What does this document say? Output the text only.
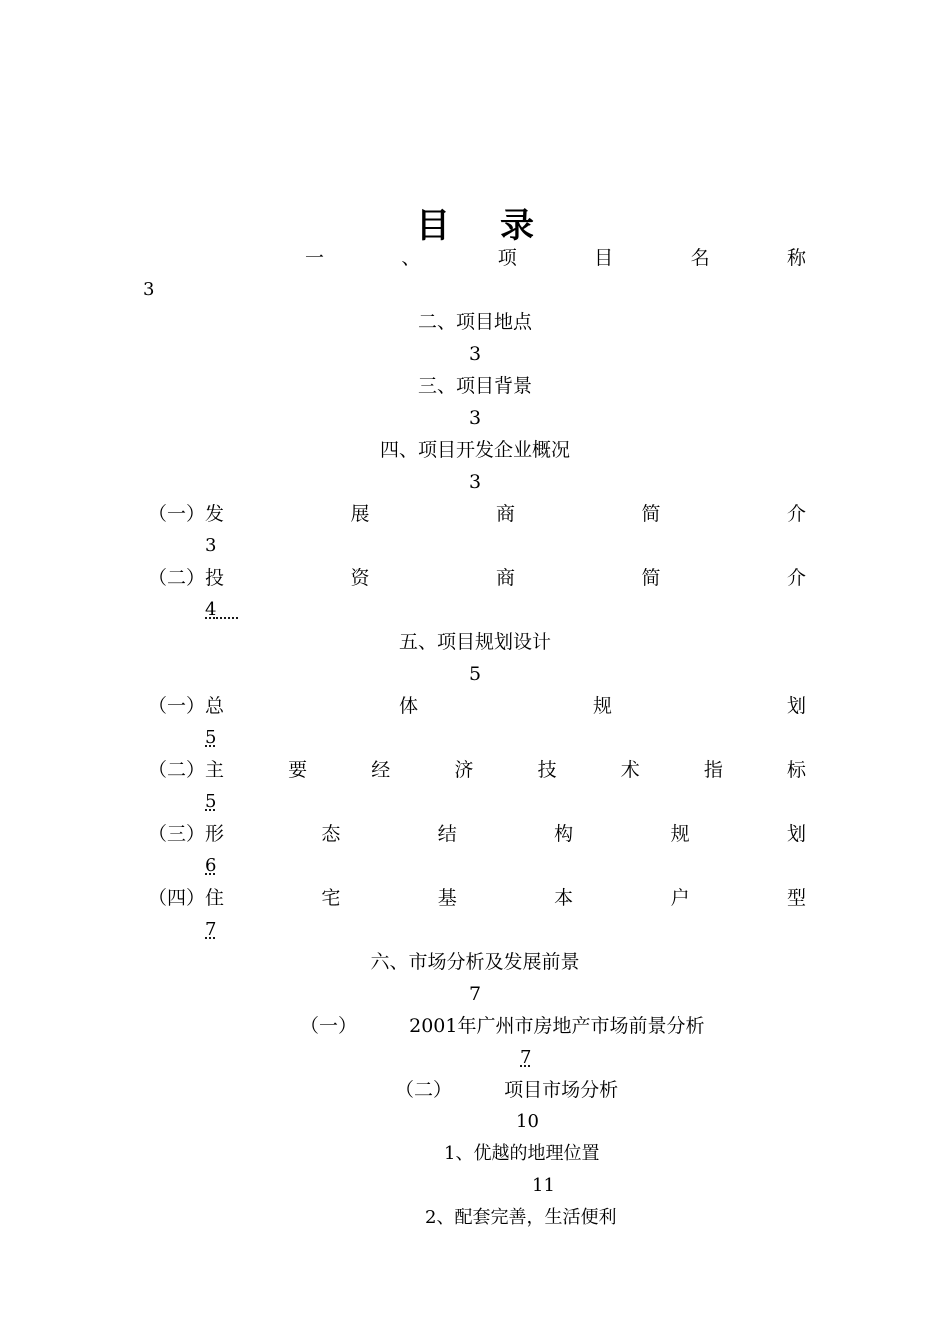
目录
一	、	项	目	名	称
3
二、项目地点
3
三、项目背景
3
四、项目开发企业概况
3
（一）发	展	商	简	介
3
（二）投	资	商	简	介
4
五、项目规划设计
5
（一）总	体	规	划
5
（二）主	要	经	济	技	术	指	标
5
（三）形	态	结	构	规	划
6
（四）住	宅	基	本	户	型
7
六、市场分析及发展前景
7
（一）	2001年广州市房地产市场前景分析
7
（二）	项目市场分析
10
1、优越的地理位置
11
2、配套完善，生活便利
